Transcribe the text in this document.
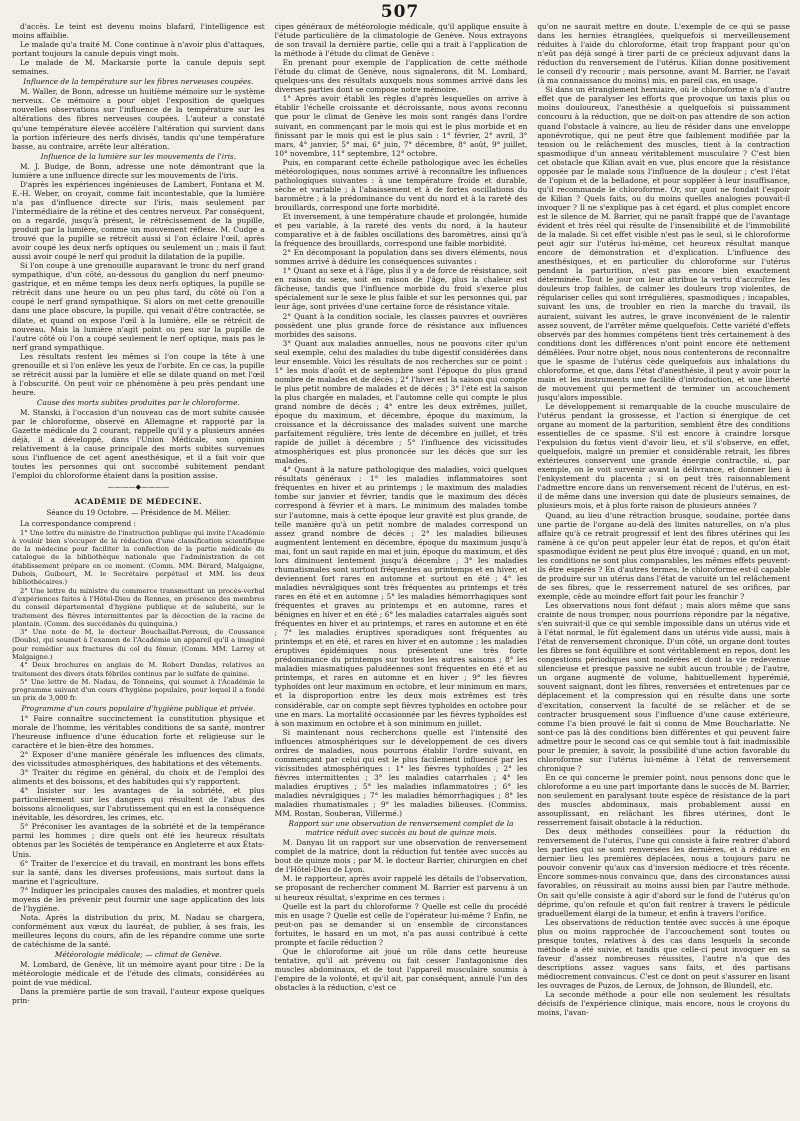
507

d'accès. Le teint est devenu moins blafard, l'intelligence est moins affaiblie.

Le malade qu'a traité M. Cone continue à n'avoir plus d'attaques, portant toujours la canule depuis vingt mois.

Le malade de M. Mackarsie porte la canule depuis sept semaines.

Influence de la température sur les fibres nerveuses coupées.

M. Waller, de Bonn, adresse un huitième mémoire sur le système nerveux. Ce mémoire a pour objet l'exposition de quelques nouvelles observations sur l'influence de la température sur les altérations des fibres nerveuses coupées. L'auteur a constaté qu'une température élevée accélère l'altération qui survient dans la portion inférieure des nerfs divisés, tandis qu'une température basse, au contraire, arrête leur altération.

Influence de la lumière sur les mouvements de l'iris.

M. J. Budge, de Bonn, adresse une note démontrant que la lumière a une influence directe sur les mouvements de l'iris.

D'après les expériences ingénieuses de Lambert, Fontana et M. E.-H. Weber, on croyait, comme fait incontestable, que la lumière n'a pas d'influence directe sur l'iris, mais seulement par l'intermédiaire de la rétine et des centres nerveux. Par conséquent, on a regardé, jusqu'à présent, le rétrécissement de la pupille, produit par la lumière, comme un mouvement réflexe. M. Cudge a trouvé que la pupille se rétrécit aussi si l'on éclaire l'œil, après avoir coupé les deux nerfs optiques ou seulement un ; mais il faut aussi avoir coupé le nerf qui produit la dilatation de la pupille.

Si l'on coupe à une grenouille auparavant le tronc du nerf grand sympathique, d'un côté, au-dessous du ganglion du nerf pneumo-gastrique, et en même temps les deux nerfs optiques, la pupille se rétrécit dans une heure ou un peu plus tard, du côté où l'on a coupé le nerf grand sympathique. Si alors on met cette grenouille dans une place obscure, la pupille, qui venait d'être contractée, se dilate, et quand on expose l'œil à la lumière, elle se rétrécit de nouveau. Mais la lumière n'agit point ou peu sur la pupille de l'autre côté où l'on a coupé seulement le nerf optique, mais pas le nerf grand sympathique.

Les résultats restent les mêmes si l'on coupe la tête à une grenouille et si l'on enlève les yeux de l'orbite. En ce cas, la pupille se rétrécit aussi par la lumière et elle se dilate quand on met l'œil à l'obscurité. On peut voir ce phénomène à peu près pendant une heure.

Cause des morts subites produites par le chloroforme.

M. Stanski, à l'occasion d'un nouveau cas de mort subite causée par le chloroforme, observé en Allemagne et rapporté par la Gazette médicale du 2 courant, rappelle qu'il y a plusieurs années déjà, il a développé, dans l'Union Médicale, son opinion relativement à la cause principale des morts subites survenues sous l'influence de cet agent anesthésique, et il a fait voir que toutes les personnes qui ont succombé subitement pendant l'emploi du chloroforme étaient dans la position assise.

————◆————

ACADÉMIE DE MÉDECINE.

Séance du 19 Octobre. — Présidence de M. Mélier.

La correspondance comprend :

1° Une lettre du ministre de l'instruction publique qui invite l'Académie à vouloir bien s'occuper de la rédaction d'une classification scientifique de la médecine pour faciliter la confection de la partie médicale du catalogue de la bibliothèque nationale que l'administration de cet établissement prépare en ce moment. (Comm. MM. Bérard, Malgaigne, Dubois, Guibourt, M. le Secrétaire perpétuel et MM. les deux bibliothécaires.)

2° Une lettre du ministre du commerce transmettant un procès-verbal d'expériences faites à l'Hôtel-Dieu de Rennes, en présence des membres du conseil départemental d'hygiène publique et de salubrité, sur le traitement des fièvres intermittentes par la décoction de la racine de plantain. (Comm. des succédanés du quinquina.)

3° Une note de M. le docteur Bouchaillat-Perroux, de Coussance (Doubs), qui soumet à l'examen de l'Académie un appareil qu'il a imaginé pour remédier aux fractures du col du fémur. (Comm. MM. Larrey et Malgaigne.)

4° Deux brochures en anglais de M. Robert Dundas, relatives au traitement des divers états fébriles continus par le sulfate de quinine.

5° Une lettre de M. Nadau, de Tonneins, qui soumet à l'Académie le programme suivant d'un cours d'hygiène populaire, pour lequel il a fondé un prix de 3,000 fr.

Programme d'un cours populaire d'hygiène publique et privée.

1° Faire connaître succinctement la constitution physique et morale de l'homme, les véritables conditions de sa santé, montrer l'heureuse influence d'une éducation forte et religieuse sur le caractère et le bien-être des hommes.

2° Exposer d'une manière générale les influences des climats, des vicissitudes atmosphériques, des habitations et des vêtements.

3° Traiter du régime en général, du choix et de l'emploi des aliments et des boissons, et des habitudes qui s'y rapportent.

4° Insister sur les avantages de la sobriété, et plus particulièrement sur les dangers qui résultent de l'abus des boissons alcooliques, sur l'abrutissement qui en est la conséquence inévitable, les désordres, les crimes, etc.

5° Préconiser les avantages de la sobriété et de la tempérance parmi les hommes ; dire quels ont été les heureux résultats obtenus par les Sociétés de tempérance en Angleterre et aux États-Unis.

6° Traiter de l'exercice et du travail, en montrant les bons effets sur la santé, dans les diverses professions, mais surtout dans la marine et l'agriculture.

7° Indiquer les principales causes des maladies, et montrer quels moyens de les prévenir peut fournir une sage application des lois de l'hygiène.

Nota. Après la distribution du prix, M. Nadau se chargera, conformément aux vœux du lauréat, de publier, à ses frais, les meilleures leçons du cours, afin de les répandre comme une sorte de catéchisme de la santé.

Météorologie médicale; — climat de Genève.

M. Lombard, de Genève, lit un mémoire ayant pour titre : De la météorologie médicale et de l'étude des climats, considérées au point de vue médical.

Dans la première partie de son travail, l'auteur expose quelques prin-

cipes généraux de météorologie médicale, qu'il applique ensuite à l'étude particulière de la climatologie de Genève. Nous extrayons de son travail la dernière partie, celle qui a trait à l'application de la méthode à l'étude du climat de Genève :

En prenant pour exemple de l'application de cette méthode l'étude du climat de Genève, nous signalerons, dit M. Lombard, quelques-uns des résultats auxquels nous sommes arrivé dans les diverses parties dont se compose notre mémoire.

1° Après avoir établi les règles d'après lesquelles on arrive à établir l'échelle croissante et décroissante, nous avons reconnu que pour le climat de Genève les mois sont rangés dans l'ordre suivant, en commençant par le mois qui est le plus morbide et en finissant par le mois qui est le plus sain : 1° février, 2° avril, 3° mars, 4° janvier, 5° mai, 6° juin, 7° décembre, 8° août, 9° juillet, 10° novembre, 11° septembre, 12° octobre.

Puis, en comparant cette échelle pathologique avec les échelles météorologiques, nous sommes arrivé à reconnaître les influences pathologiques suivantes : à une température froide et durable, sèche et variable ; à l'abaissement et à de fortes oscillations du baromètre ; à la prédominance du vent du nord et à la rareté des brouillards, correspond une forte morbidité.

Et inversement, à une température chaude et prolongée, humide et peu variable, à la rareté des vents du nord, à la hauteur comparative et à de faibles oscillations des baromètres, ainsi qu'à la fréquence des brouillards, correspond une faible morbidité.

2° En décomposant la population dans ses divers éléments, nous sommes arrivé à déduire les conséquences suivantes :

1° Quant au sexe et à l'âge, plus il y a de force de résistance, soit en raison du sexe, soit en raison de l'âge, plus la chaleur est fâcheuse, tandis que l'influence morbide du froid s'exerce plus spécialement sur le sexe le plus faible et sur les personnes qui, par leur âge, sont privées d'une certaine force de résistance vitale.

2° Quant à la condition sociale, les classes pauvres et ouvrières possèdent une plus grande force de résistance aux influences morbides des saisons.

3° Quant aux maladies annuelles, nous ne pouvons citer qu'un seul exemple, celui des maladies du tube digestif considérées dans leur ensemble. Voici les résultats de nos recherches sur ce point : 1° les mois d'août et de septembre sont l'époque du plus grand nombre de malades et de décès ; 2° l'hiver est la saison qui compte le plus petit nombre de malades et de décès ; 3° l'été est la saison la plus chargée en malades, et l'automne celle qui compte le plus grand nombre de décès ; 4° entre les deux extrêmes, juillet, époque du maximum, et décembre, époque du maximum, la croissance et la décroissance des malades suivent une marche parfaitement régulière, très lente de décembre en juillet, et très rapide de juillet à décembre ; 5° l'influence des vicissitudes atmosphériques est plus prononcée sur les décès que sur les malades.

4° Quant à la nature pathologique des maladies, voici quelques résultats généraux : 1° les maladies inflammatoires sont fréquentes en hiver et au printemps ; le maximum des maladies tombe sur janvier et février, tandis que le maximum des décès correspond à février et à mars. Le minimum des malades tombe sur l'automne, mais à cette époque leur gravité est plus grande, de telle manière qu'à un petit nombre de malades correspond un assez grand nombre de décès ; 2° les maladies bilieuses augmentent lentement en décembre, époque du maximum jusqu'à mai, font un saut rapide en mai et juin, époque du maximum, et dès lors diminuent lentement jusqu'à décembre ; 3° les maladies rhumatismales sont surtout fréquentes au printemps et en hiver, et deviennent fort rares en automne et surtout en été ; 4° les maladies névralgiques sont très fréquentes au printemps et très rares en été et en automne ; 5° les maladies hémorrhagiques sont fréquentes et graves au printemps et en automne, rares et bénignes en hiver et en été ; 6° les maladies catarrales aiguës sont fréquentes en hiver et au printemps, et rares en automne et en été ; 7° les maladies éruptives sporadiques sont fréquentes au printemps et en été, et rares en hiver et en automne ; les maladies éruptives épidémiques nous présentent une très forte prédominance du printemps sur toutes les autres saisons ; 8° les maladies miasmatiques paludéennes sont fréquentes en été et au printemps, et rares en automne et en hiver ; 9° les fièvres typhoïdes ont leur maximum en octobre, et leur minimum en mars, et la disproportion entre les deux mois extrêmes est très considérable, car on compte sept fièvres typhoïdes en octobre pour une en mars. La mortalité occasionnée par les fièvres typhoïdes est à son maximum en octobre et à son minimum en juillet.

Si maintenant nous recherchons quelle est l'intensité des influences atmosphériques sur le développement de ces divers ordres de maladies, nous pourrons établir l'ordre suivant, en commençant par celui qui est le plus facilement influencé par les vicissitudes atmosphériques : 1° les fièvres typhoïdes ; 2° les fièvres intermittentes ; 3° les maladies catarrhales ; 4° les maladies éruptives ; 5° les maladies inflammatoires ; 6° les maladies névralgiques ; 7° les maladies hémorrhagiques ; 8° les maladies rhumatismales ; 9° les maladies bilieuses. (Commiss. MM. Rostan, Souberan, Villermé.)

Rapport sur une observation de renversement complet de la matrice réduit avec succès au bout de quinze mois.

M. Danyau lit un rapport sur une observation de renversement complet de la matrice, dont la réduction fut tentée avec succès au bout de quinze mois ; par M. le docteur Barrier, chirurgien en chef de l'Hôtel-Dieu de Lyon.

M. le rapporteur, après avoir rappelé les détails de l'observation, se proposant de rechercher comment M. Barrier est parvenu à un si heureux résultat, s'exprime en ces termes :

Quelle est la part du chloroforme ? Quelle est celle du procédé mis en usage ? Quelle est celle de l'opérateur lui-même ? Enfin, ne peut-on pas se demander si un ensemble de circonstances fortuites, le hasard en un mot, n'a pas aussi contribué à cette prompte et facile réduction ?

Que le chloroforme ait joué un rôle dans cette heureuse tentative, qu'il ait prévenu ou fait cesser l'antagonisme des muscles abdominaux, et de tout l'appareil musculaire soumis à l'empire de la volonté, et qu'il ait, par conséquent, annulé l'un des obstacles à la réduction, c'est ce

qu'on ne saurait mettre en doute. L'exemple de ce qui se passe dans les hernies étranglées, quelquefois si merveilleusement réduites à l'aide du chloroforme, était trop frappant pour qu'on n'eût pas déjà songé à tirer parti de ce précieux adjuvant dans la réduction du renversement de l'utérus. Kilian donne positivement le conseil d'y recourir ; mais personne, avant M. Barrier, ne l'avait (à ma connaissance du moins) mis, en pareil cas, en usage.

Si dans un étranglement herniaire, où le chloroforme n'a d'autre effet que de paralyser les efforts que provoque un taxis plus ou moins douloureux, l'anesthésie a quelquefois si puissamment concouru à la réduction, que ne doit-on pas attendre de son action quand l'obstacle à vaincre, au lieu de résider dans une enveloppe aponévrotique, qui ne peut être que faiblement modifiée par la tension ou le relâchement des muscles, tient à la contraction spasmodique d'un anneau véritablement musculaire ? C'est bien cet obstacle que Kilian avait en vue, plus encore que la résistance opposée par le malade sous l'influence de la douleur ; c'est l'état de l'opium et de la belladone, et pour suppléer à leur insuffisance, qu'il recommande le chloroforme. Or, sur quoi ne fondait l'espoir de Kilian ? Quels faits, ou du moins quelles analogies pouvait-il invoquer ? Il ne s'explique pas à cet égard, et plus complet encore est le silence de M. Barrier, qui ne paraît frappé que de l'avantage évident et très réel qui résulte de l'insensibilité et de l'immobilité de la malade. Si cet effet visible n'est pas le seul, si le chloroforme peut agir sur l'utérus lui-même, cet heureux résultat manque encore de démonstration et d'explication. L'influence des anesthésiques, et en particulier du chloroforme sur l'utérus pendant la parturition, n'est pas encore bien exactement déterminée. Tout le jour on leur attribue la vertu d'accroître les douleurs trop faibles, de calmer les douleurs trop violentes, de régulariser celles qui sont irrégulières, spasmodiques ; incapables, suivant les uns, de troubler en rien la marche du travail, ils auraient, suivant les autres, le grave inconvénient de le ralentir assez souvent, de l'arrêter même quelquefois. Cette variété d'effets observés par des hommes compétens tient très certainement à des conditions dont les différences n'ont point encore été nettement démêlées. Pour notre objet, nous nous contenterons de reconnaître que le spasme de l'utérus cède quelquefois aux inhalations du chloroforme, et que, dans l'état d'anesthésie, il peut y avoir pour la main et les instruments une facilité d'introduction, et une liberté de mouvement qui permettent de terminer un accouchement jusqu'alors impossible.

Le développement si remarquable de la couche musculaire de l'utérus pendant la grossesse, et l'action si énergique de cet organe au moment de la parturition, semblent être des conditions essentielles de ce spasme. S'il est encore à craindre lorsque l'expulsion du fœtus vient d'avoir lieu, et s'il s'observe, en effet, quelquefois, malgré un premier et considérable retrait, les fibres extérieures conservent une grande énergie contractile, si, par exemple, on le voit survenir avant la délivrance, et donner lieu à l'enkystement du placenta ; si on peut très raisonnablement l'admettre encore dans un renversement récent de l'utérus, en est-il de même dans une inversion qui date de plusieurs semaines, de plusieurs mois, et à plus forte raison de plusieurs années ?

Quand, au lieu d'une rétraction brusque, soudaine, portée dans une partie de l'organe au-delà des limites naturelles, on n'a plus affaire qu'à ce retrait progressif et lent des fibres utérines qui les ramène à ce qu'on peut appeler leur état de repos, et qu'on était spasmodique évident ne peut plus être invoqué ; quand, en un mot, les conditions ne sont plus comparables, les mêmes effets peuvent-ils être espérés ? En d'autres termes, le chloroforme est-il capable de produire sur un utérus dans l'état de vacuité un tel relâchement de ses fibres, que le resserrement naturel de ses orifices, par exemple, cède au moindre effort fait pour les franchir ?

Les observations nous font défaut ; mais alors même que sans crainte de nous tromper, nous pourrions répondre par la négative, s'en suivrait-il que ce qui semble impossible dans un utérus vide et à l'état normal, le fût également dans un utérus vide aussi, mais à l'état de renversement chronique. D'un côté, un organe dont toutes les fibres se font équilibre et sont véritablement en repos, dont les congestions périodiques sont modérées et dont la vie redevenue silencieuse et presque passive ne subit aucun trouble ; de l'autre, un organe augmenté de volume, habituellement hyperémié, souvent saignant, dont les fibres, renversées et entretenues par ce déplacement et la compression qui en résulte dans une sorte d'excitation, conservent la faculté de se relâcher et de se contracter brusquement sous l'influence d'une cause extérieure, comme l'a bien prouvé le fait si connu de Mme Boucharlatte. Ne sont-ce pas là des conditions bien différentes et qui peuvent faire admettre pour le second cas ce qui semble tout à fait inadmissible pour le premier, à savoir, la possibilité d'une action favorable du chloroforme sur l'utérus lui-même à l'état de renversement chronique ?

En ce qui concerne le premier point, nous pensons donc que le chloroforme a eu une part importante dans le succès de M. Barrier, non seulement en paralysant toute espèce de résistance de la part des muscles abdominaux, mais probablement aussi en assouplissant, en relâchant les fibres utérines, dont le resserrement faisait obstacle à la réduction.

Des deux méthodes conseillées pour la réduction du renversement de l'utérus, l'une qui consiste à faire rentrer d'abord les parties qui se sont renversées les dernières, et à réduire en dernier lieu les premières déplacées, nous a toujours paru ne pouvoir convenir qu'aux cas d'inversion médiocre et très récente. Encore sommes-nous convaincu que, dans des circonstances aussi favorables, on réussirait au moins aussi bien par l'autre méthode. On sait qu'elle consiste à agir d'abord sur le fond de l'utérus qu'on déprime, qu'on refoule et qu'on fait rentrer à travers le pédicule graduellement élargi de la tumeur, et enfin à travers l'orifice.

Les observations de réduction tentée avec succès à une époque plus ou moins rapprochée de l'accouchement sont toutes ou presque toutes, relatives à des cas dans lesquels la seconde méthode a été suivie, et tandis que celle-ci peut invoquer en sa faveur d'assez nombreuses réussites, l'autre n'a que des descriptions assez vagues sans faits, et des partisans médiocrement convaincus. C'est ce dont on peut s'assurer en lisant les ouvrages de Puzos, de Leroux, de Johnson, de Blundell, etc.

La seconde méthode a pour elle non seulement les résultats décisifs de l'expérience clinique, mais encore, nous le croyons du moins, l'avan-
